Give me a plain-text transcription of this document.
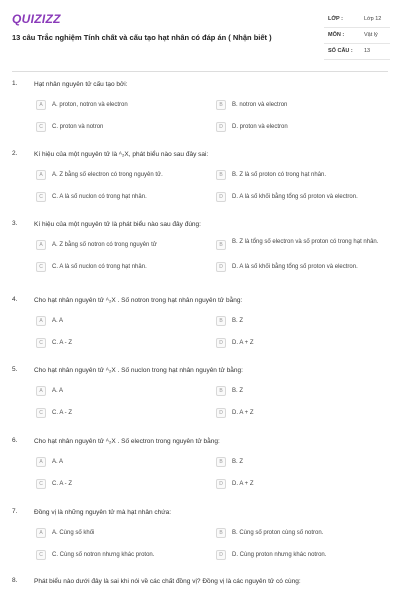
QUIZIZZ
13 câu Trắc nghiệm Tính chất và cấu tạo hạt nhân có đáp án ( Nhận biết )
LỚP :	Lớp 12
MÔN :	Vật lý
SỐ CÂU : 13
1.	Hạt nhân nguyên tử cấu tạo bởi:
A	A. proton, notron và electron	B	B. notron và electron
C	C. proton và notron	D	D. proton và electron
2.	Kí hiệu của một nguyên tử là ᴬ₂X, phát biểu nào sau đây sai:
A	A. Z bằng số electron có trong nguyên tử.	B	B. Z là số proton có trong hạt nhân.
C	C. A là số nuclon có trong hạt nhân.	D	D. A là số khối bằng tổng số proton và electron.
3.	Kí hiệu của một nguyên tử là phát biểu nào sau đây đúng:
A	A. Z bằng số notron có trong nguyên tử	B	B. Z là tổng số electron và số proton có trong hạt nhân.
C	C. A là số nuclon có trong hạt nhân.	D	D. A là số khối bằng tổng số proton và electron.
4.	Cho hạt nhân nguyên tử ᴬ₂X . Số notron trong hạt nhân nguyên tử bằng:
A	A. A	B	B. Z
C	C. A - Z	D	D. A + Z
5.	Cho hạt nhân nguyên tử ᴬ₂X . Số nuclon trong hạt nhân nguyên tử bằng:
A	A. A	B	B. Z
C	C. A - Z	D	D. A + Z
6.	Cho hạt nhân nguyên tử ᴬ₂X . Số electron trong nguyên tử bằng:
A	A. A	B	B. Z
C	C. A - Z	D	D. A + Z
7.	Đồng vị là những nguyên tử mà hạt nhân chứa:
A	A. Cùng số khối	B	B. Cùng số proton cùng số notron.
C	C. Cùng số notron nhưng khác proton.	D	D. Cùng proton nhưng khác notron.
8.	Phát biểu nào dưới đây là sai khi nói về các chất đồng vị? Đồng vị là các nguyên tử có cùng:
